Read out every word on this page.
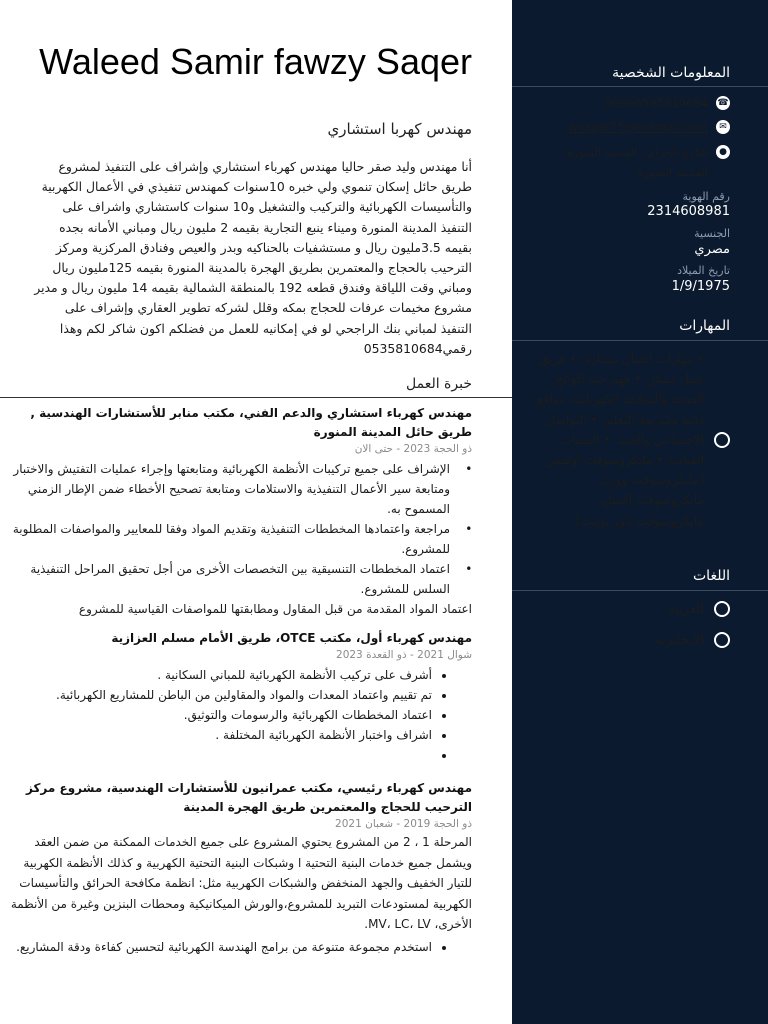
Waleed Samir fawzy Saqer
مهندس كهربا استشاري

أنا مهندس وليد صقر حاليا مهندس كهرباء استشاري وإشراف على التنفيذ لمشروع طريق حائل إسكان تنموي ولي خبره 10سنوات كمهندس تنفيذي في الأعمال الكهربية والتأسيسات الكهربائية والتركيب والتشغيل و10 سنوات كاستشاري واشراف على التنفيذ المدينة المنورة وميناء ينبع التجارية بقيمه 2 مليون ريال ومباني الأمانه بجده بقيمه 3.5مليون ريال و مستشفيات بالحناكيه وبدر والعيص وفنادق المركزية ومركز الترحيب بالحجاج والمعتمرين بطريق الهجرة بالمدينة المنورة بقيمه 125مليون ريال ومباني وقت اللياقة وفندق قطعه 192 بالمنطقة الشمالية بقيمه 14 مليون ريال و مدير مشروع مخيمات عرفات للحجاج بمكه وقلل لشركه تطوير العقاري وإشراف على التنفيذ لمباني بنك الراجحي لو في إمكانيه للعمل من فضلكم اكون شاكر لكم وهذا رقمي0535810684

خبرة العمل

مهندس كهرباء استشاري والدعم الفني، مكتب منابر للأستشارات الهندسية , طريق حائل المدينة المنورة

ذو الحجة 2023 - حتى الان

• الإشراف على جميع تركيبات الأنظمة الكهربائية ومتابعتها وإجراء عمليات التفتيش والاختبار ومتابعة سير الأعمال التنفيذية والاستلامات ومتابعة تصحيح الأخطاء ضمن الإطار الزمني المسموح به.
• مراجعة واعتمادها المخططات التنفيذية وتقديم المواد وفقا للمعايير والمواصفات المطلوبة للمشروع.
• اعتماد المخططات التنسيقية بين التخصصات الأخرى من أجل تحقيق المراحل التنفيذية السلس للمشروع.

اعتماد المواد المقدمة من قبل المقاول ومطابقتها للمواصفات القياسية للمشروع

مهندس كهرباء أول، مكتب OTCE، طريق الأمام مسلم العزازية

شوال 2021 - ذو القعدة 2023

• أشرف على تركيب الأنظمة الكهربائية للمباني السكانية .
• تم تقييم واعتماد المعدات والمواد والمقاولين من الباطن للمشاريع الكهربائية.
• اعتماد المخططات الكهربائية والرسومات والتوثيق.
• اشراف واختبار الأنظمة الكهربائية المختلفة .
•

مهندس كهرباء رئيسي، مكتب عمرانيون للأستشارات الهندسية، مشروع مركز الترحيب للحجاج والمعتمرين طريق الهجرة المدينة

ذو الحجة 2019 - شعبان 2021

المرحلة 1 ، 2 من المشروع يحتوي المشروع على جميع الخدمات الممكنة من ضمن العقد ويشمل جميع خدمات البنية التحتية ا وشبكات البنية التحتية الكهربية و كذلك الأنظمة الكهربية للتيار الخفيف والجهد المنخفض والشبكات الكهربية مثل: انظمة مكافحة الحرائق والتأسيسات الكهربية لمستودعات التبريد للمشروع،والورش الميكانيكية ومحطات البنزين وغيرة من الأنظمة الأخرى، MV، LC، LV.

• استخدم مجموعة متنوعة من برامج الهندسة الكهربائية لتحسين كفاءة ودقة المشاريع.
المعلومات الشخصية
☎
00966535810684
✉
wsaqer75@hotmail.com
●
شارع الحزام , المدينة المنورة، المدينة المنورة
رقم الهوية
2314608981
الجنسية
مصري
تاريخ الميلاد
1/9/1975
المهارات
• مهارات اتصال ممتازة. • فريق عمل ممتاز. • فهم جيد للوائح الصحة والسلامة الكهربائية. دوافع ذاتية وسريعة التعلم. • التواصل الاجتماعي والجيد. • الصفات القيادية • مايكروسوفت أوفيس (مايكروسوفت وورد، مايكروسوفت إكسل، مايكروسوفت باور بوينت)
اللغات
العربية
الإنجليزية
